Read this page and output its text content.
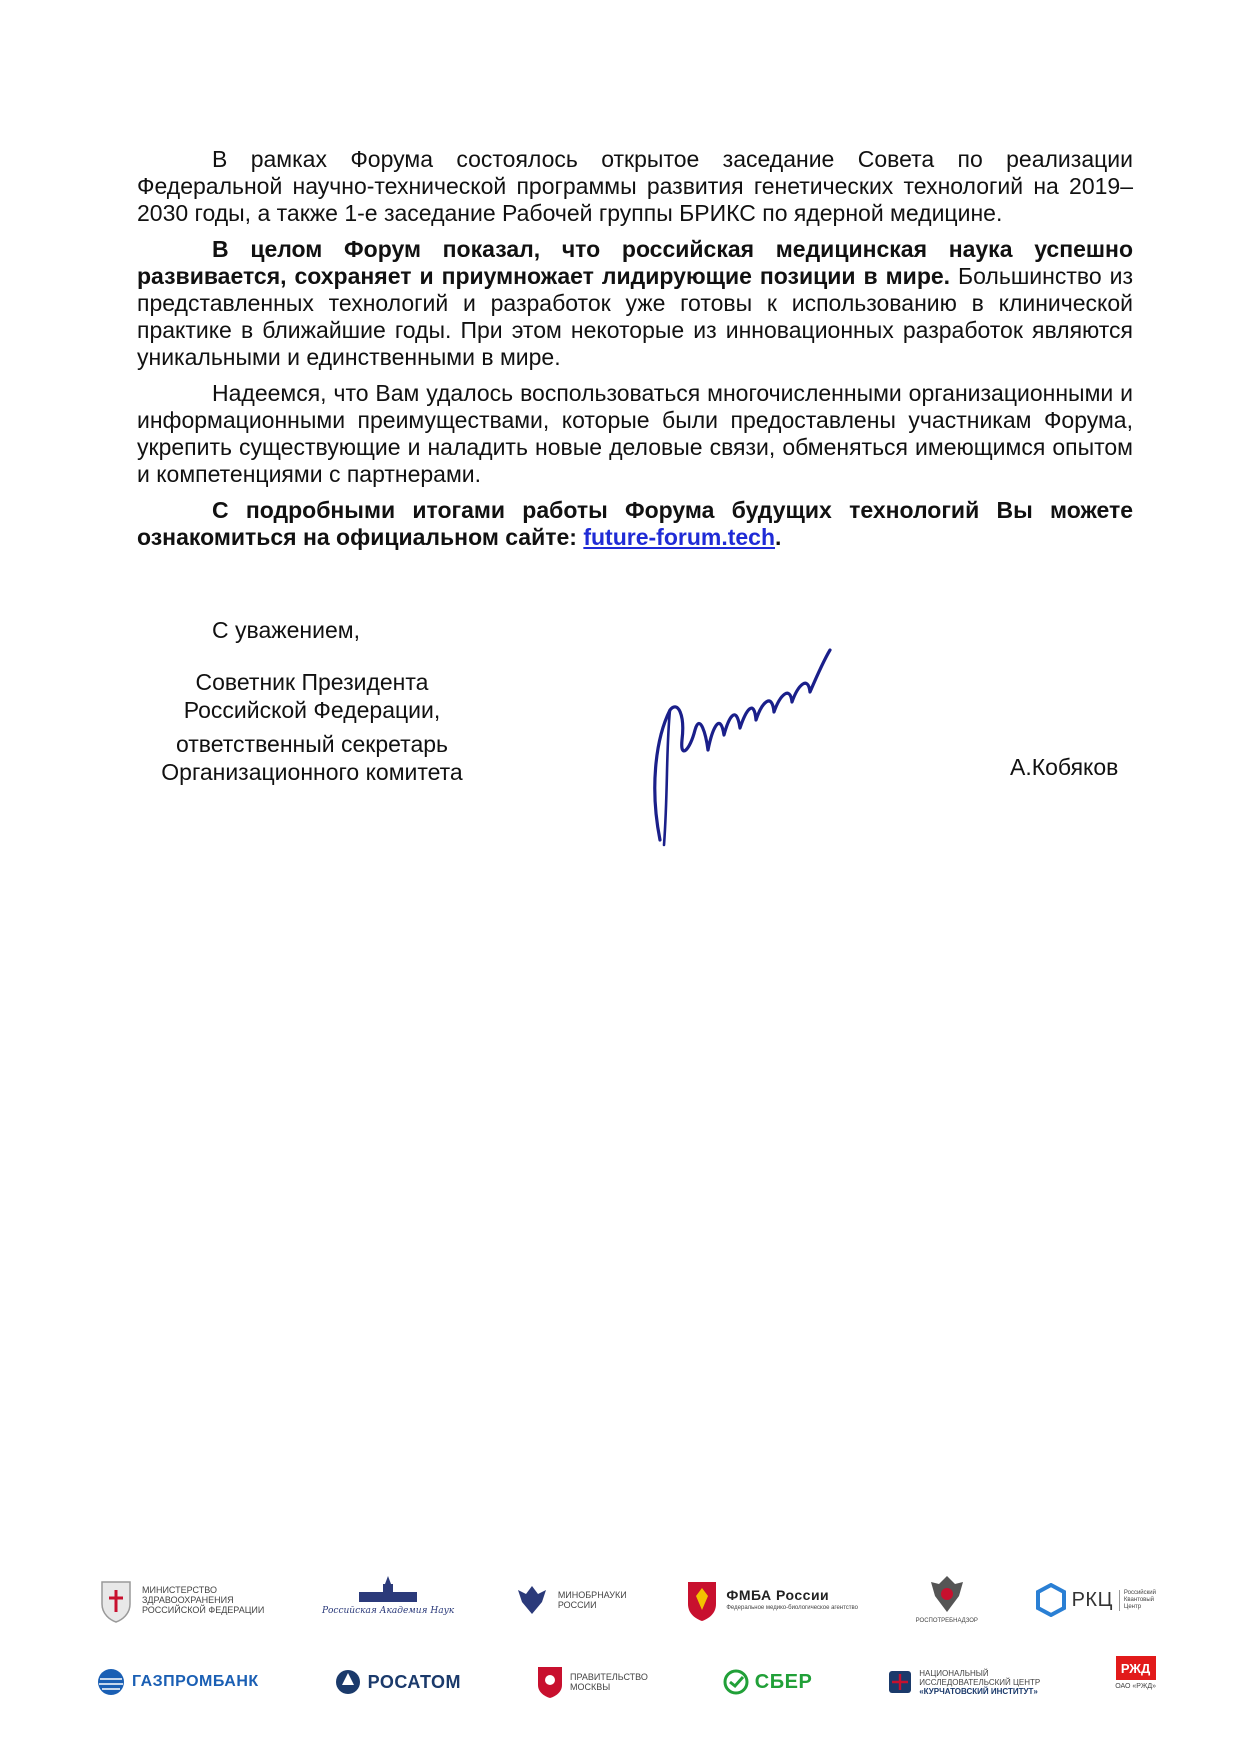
В рамках Форума состоялось открытое заседание Совета по реализации Федеральной научно-технической программы развития генетических технологий на 2019–2030 годы, а также 1-е заседание Рабочей группы БРИКС по ядерной медицине.

В целом Форум показал, что российская медицинская наука успешно развивается, сохраняет и приумножает лидирующие позиции в мире. Большинство из представленных технологий и разработок уже готовы к использованию в клинической практике в ближайшие годы. При этом некоторые из инновационных разработок являются уникальными и единственными в мире.

Надеемся, что Вам удалось воспользоваться многочисленными организационными и информационными преимуществами, которые были предоставлены участникам Форума, укрепить существующие и наладить новые деловые связи, обменяться имеющимся опытом и компетенциями с партнерами.

С подробными итогами работы Форума будущих технологий Вы можете ознакомиться на официальном сайте: future-forum.tech.

С уважением,
Советник Президента
Российской Федерации,
ответственный секретарь
Организационного комитета	А.Кобяков
МИНИСТЕРСТВО
ЗДРАВООХРАНЕНИЯ
РОССИЙСКОЙ ФЕДЕРАЦИИ	Российская Академия Наук
МИНОБРНАУКИ
РОССИИ
ФМБА России
Федеральное медико-биологическое агентство
РОСПОТРЕБНАДЗОР
РКЦ Российский
Квантовый
Центр
ГАЗПРОМБАНК	РОСАТОМ	ПРАВИТЕЛЬСТВО
МОСКВЫ	СБЕР	НАЦИОНАЛЬНЫЙ
ИССЛЕДОВАТЕЛЬСКИЙ ЦЕНТР
«КУРЧАТОВСКИЙ ИНСТИТУТ»
РЖД
ОАО «РЖД»
